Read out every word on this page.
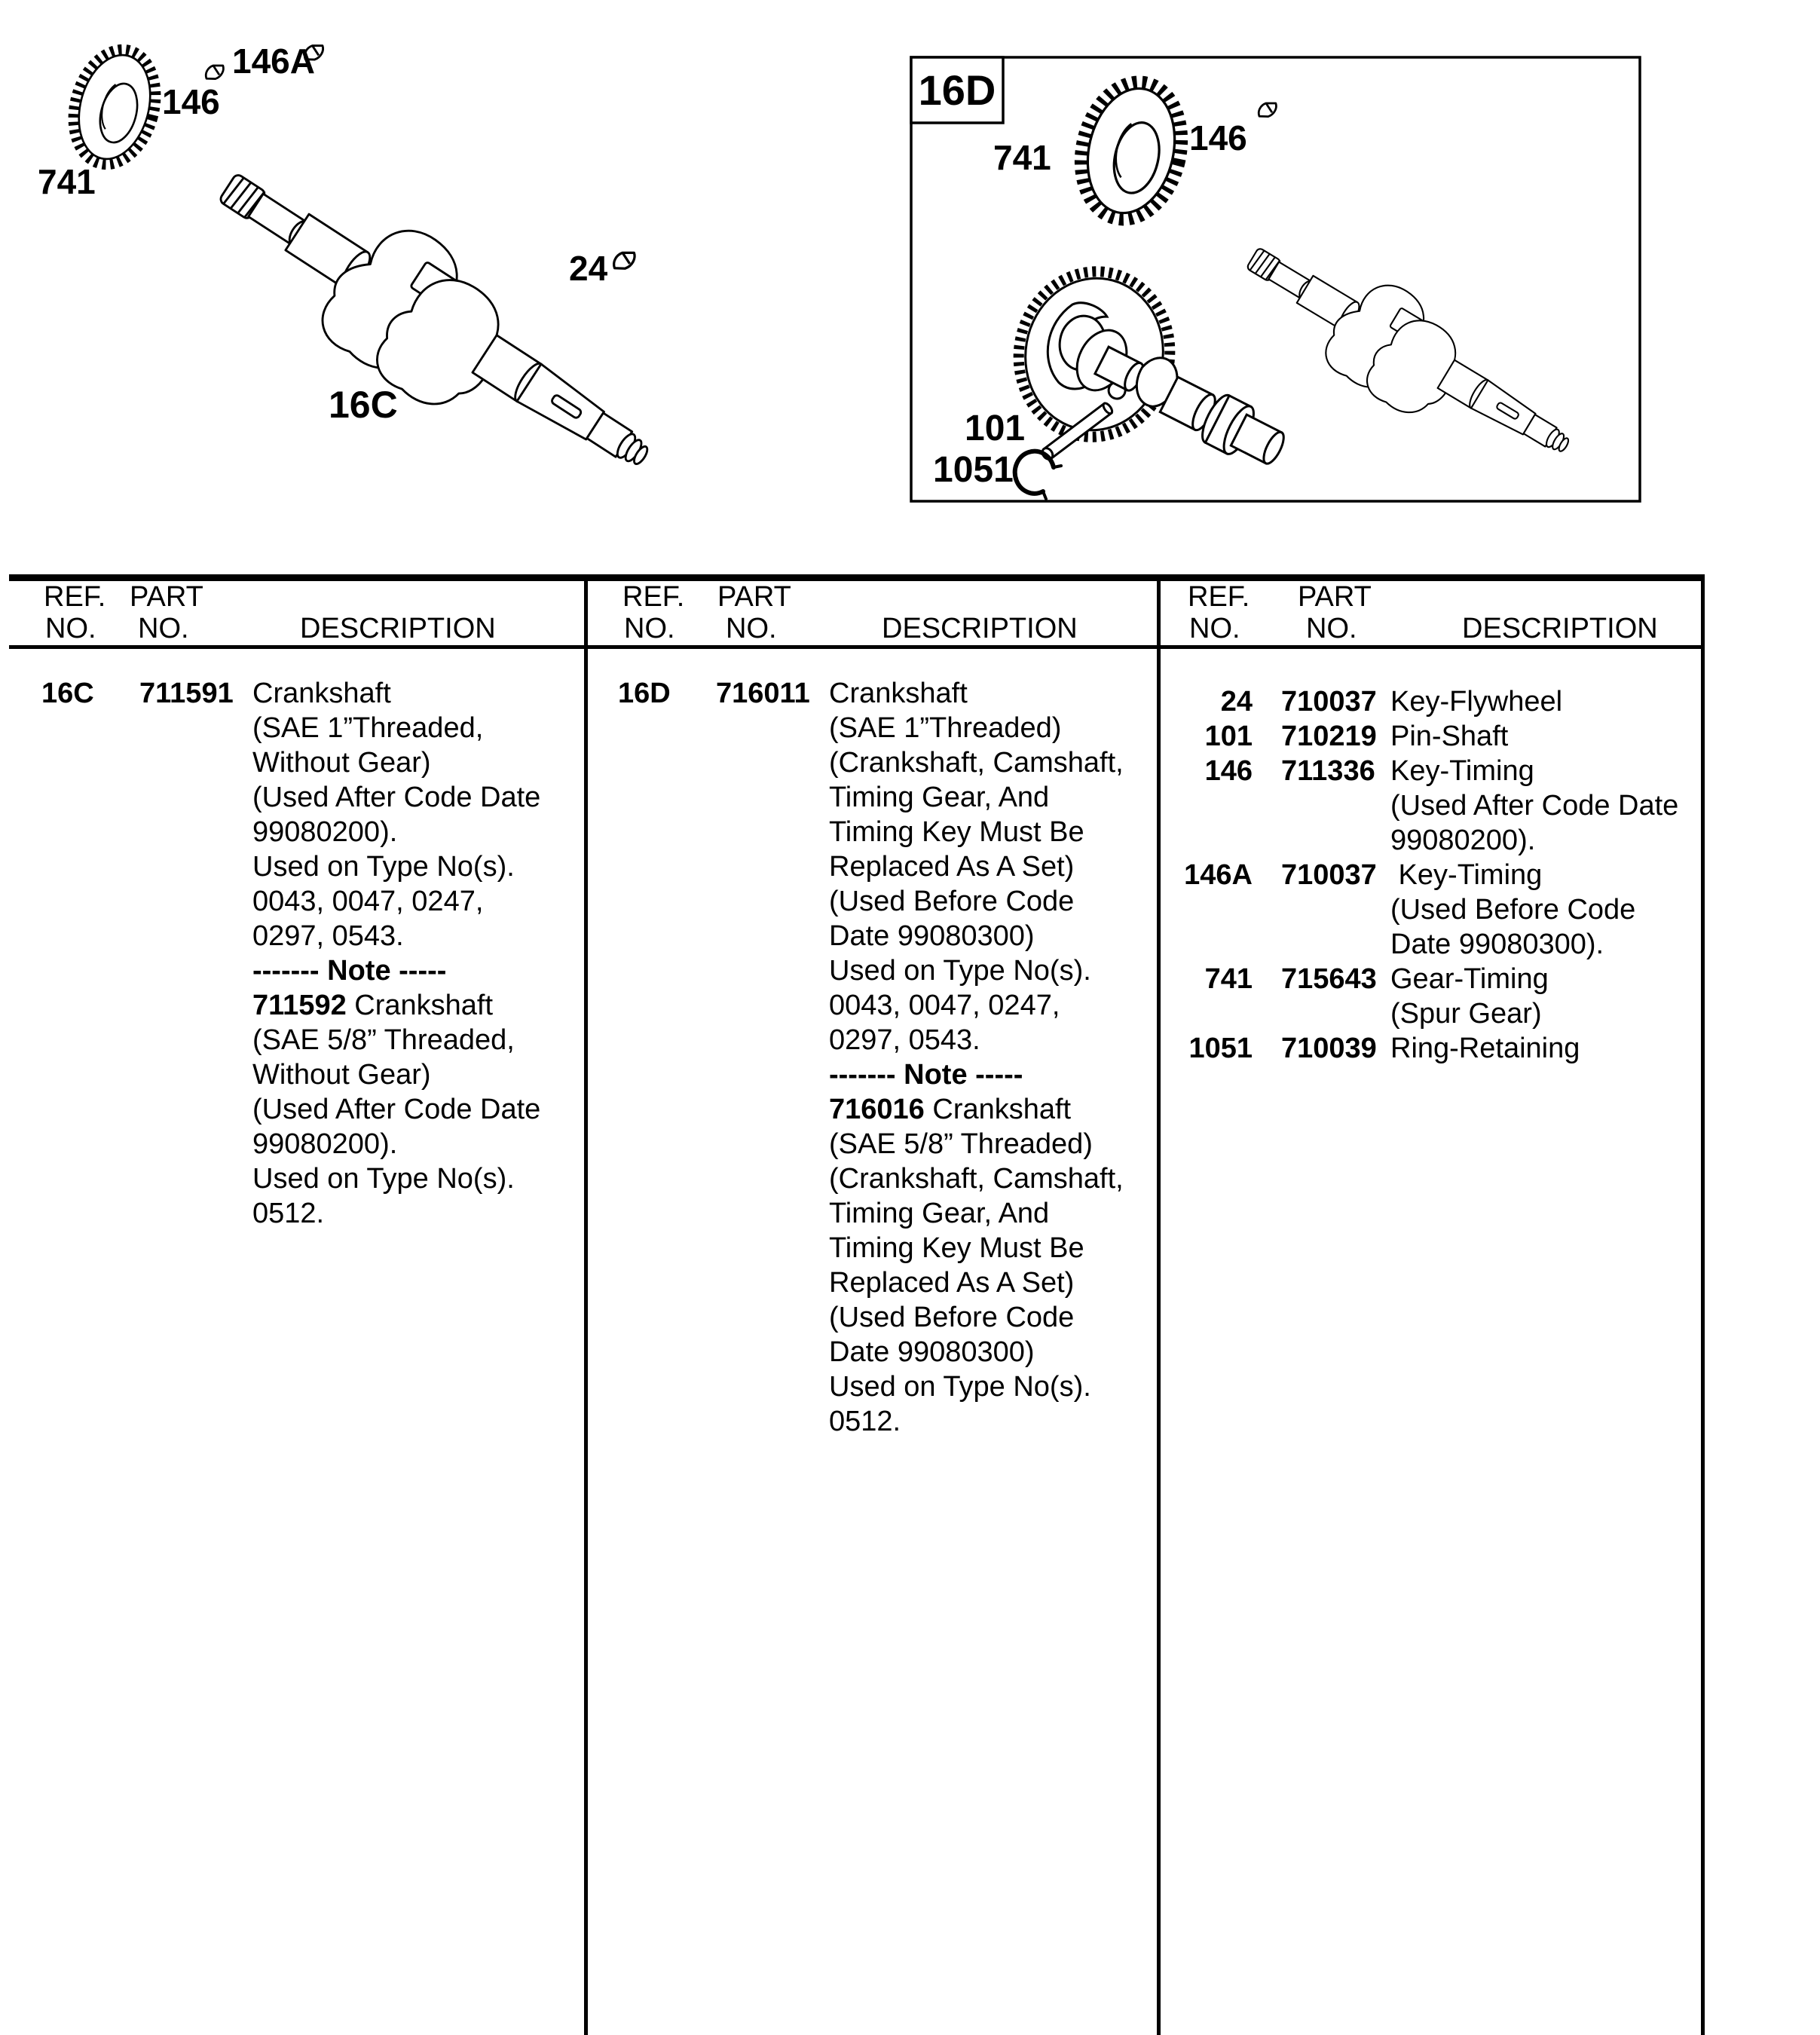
741
146
146A
24
16C
16D
741	146
101
1051
REF.
NO.
PART
NO.	DESCRIPTION
REF.
NO.
PART
NO.	DESCRIPTION
REF.
NO.
PART
NO.	DESCRIPTION
16C	711591 Crankshaft
(SAE 1”Threaded,
Without Gear)
(Used After Code Date
99080200).
Used on Type No(s).
0043, 0047, 0247,
0297, 0543.
------- Note -----
711592 Crankshaft
(SAE 5/8” Threaded,
Without Gear)
(Used After Code Date
99080200).
Used on Type No(s).
0512.
16D	716011 Crankshaft
(SAE 1”Threaded)
(Crankshaft, Camshaft,
Timing Gear, And
Timing Key Must Be
Replaced As A Set)
(Used Before Code
Date 99080300)
Used on Type No(s).
0043, 0047, 0247,
0297, 0543.
------- Note -----
716016 Crankshaft
(SAE 5/8” Threaded)
(Crankshaft, Camshaft,
Timing Gear, And
Timing Key Must Be
Replaced As A Set)
(Used Before Code
Date 99080300)
Used on Type No(s).
0512.
24	710037 Key-Flywheel
101	710219 Pin-Shaft
146	711336 Key-Timing
(Used After Code Date
99080200).
146A	710037 Key-Timing
(Used Before Code
Date 99080300).
741	715643 Gear-Timing
(Spur Gear)
1051	710039 Ring-Retaining
